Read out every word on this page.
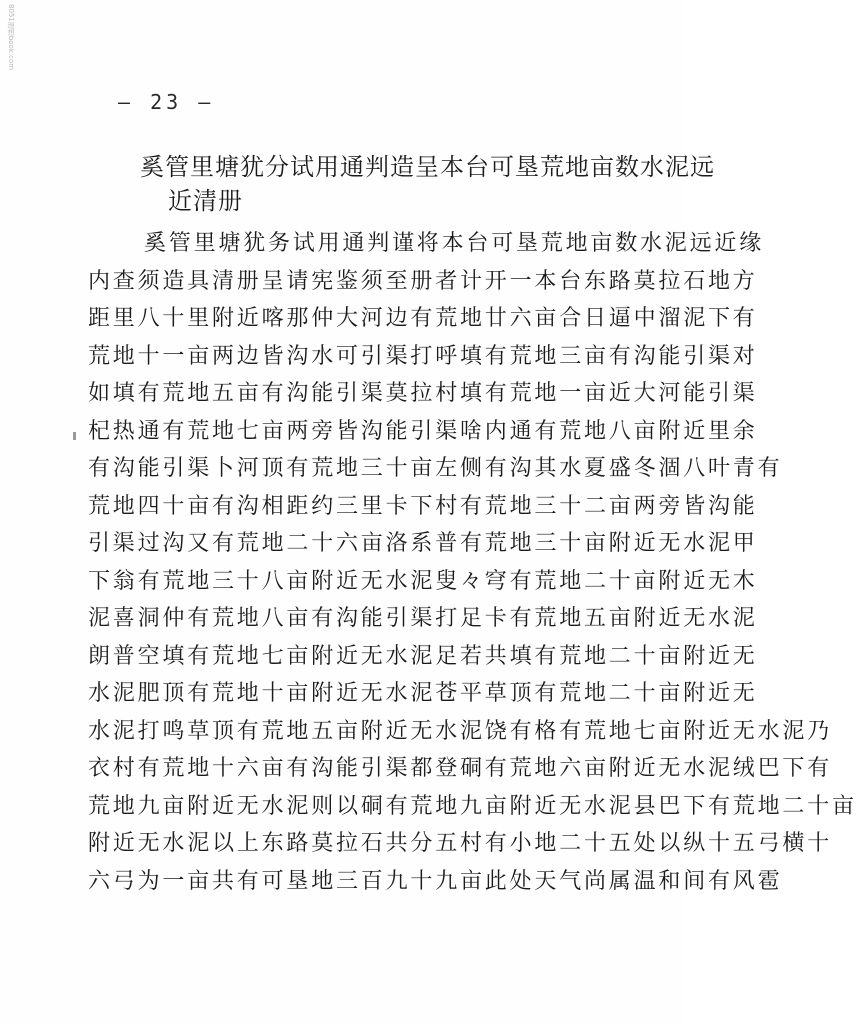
8051理想book.com
— 23 —
奚管里塘犹分试用通判造呈本台可垦荒地亩数水泥远
近清册
奚管里塘犹务试用通判谨将本台可垦荒地亩数水泥远近缘
内查须造具清册呈请宪鉴须至册者计开一本台东路莫拉石地方
距里八十里附近喀那仲大河边有荒地廿六亩合日逼中溜泥下有
荒地十一亩两边皆沟水可引渠打呼填有荒地三亩有沟能引渠对
如填有荒地五亩有沟能引渠莫拉村填有荒地一亩近大河能引渠
杞热通有荒地七亩两旁皆沟能引渠啥内通有荒地八亩附近里余
有沟能引渠卜河顶有荒地三十亩左侧有沟其水夏盛冬涸八叶青有
荒地四十亩有沟相距约三里卡下村有荒地三十二亩两旁皆沟能
引渠过沟又有荒地二十六亩洛系普有荒地三十亩附近无水泥甲
下翁有荒地三十八亩附近无水泥叟々穹有荒地二十亩附近无木
泥喜洞仲有荒地八亩有沟能引渠打足卡有荒地五亩附近无水泥
朗普空填有荒地七亩附近无水泥足若共填有荒地二十亩附近无
水泥肥顶有荒地十亩附近无水泥苍平草顶有荒地二十亩附近无
水泥打鸣草顶有荒地五亩附近无水泥饶有格有荒地七亩附近无水泥乃
衣村有荒地十六亩有沟能引渠都登硐有荒地六亩附近无水泥绒巴下有
荒地九亩附近无水泥则以硐有荒地九亩附近无水泥县巴下有荒地二十亩
附近无水泥以上东路莫拉石共分五村有小地二十五处以纵十五弓横十
六弓为一亩共有可垦地三百九十九亩此处天气尚属温和间有风雹
